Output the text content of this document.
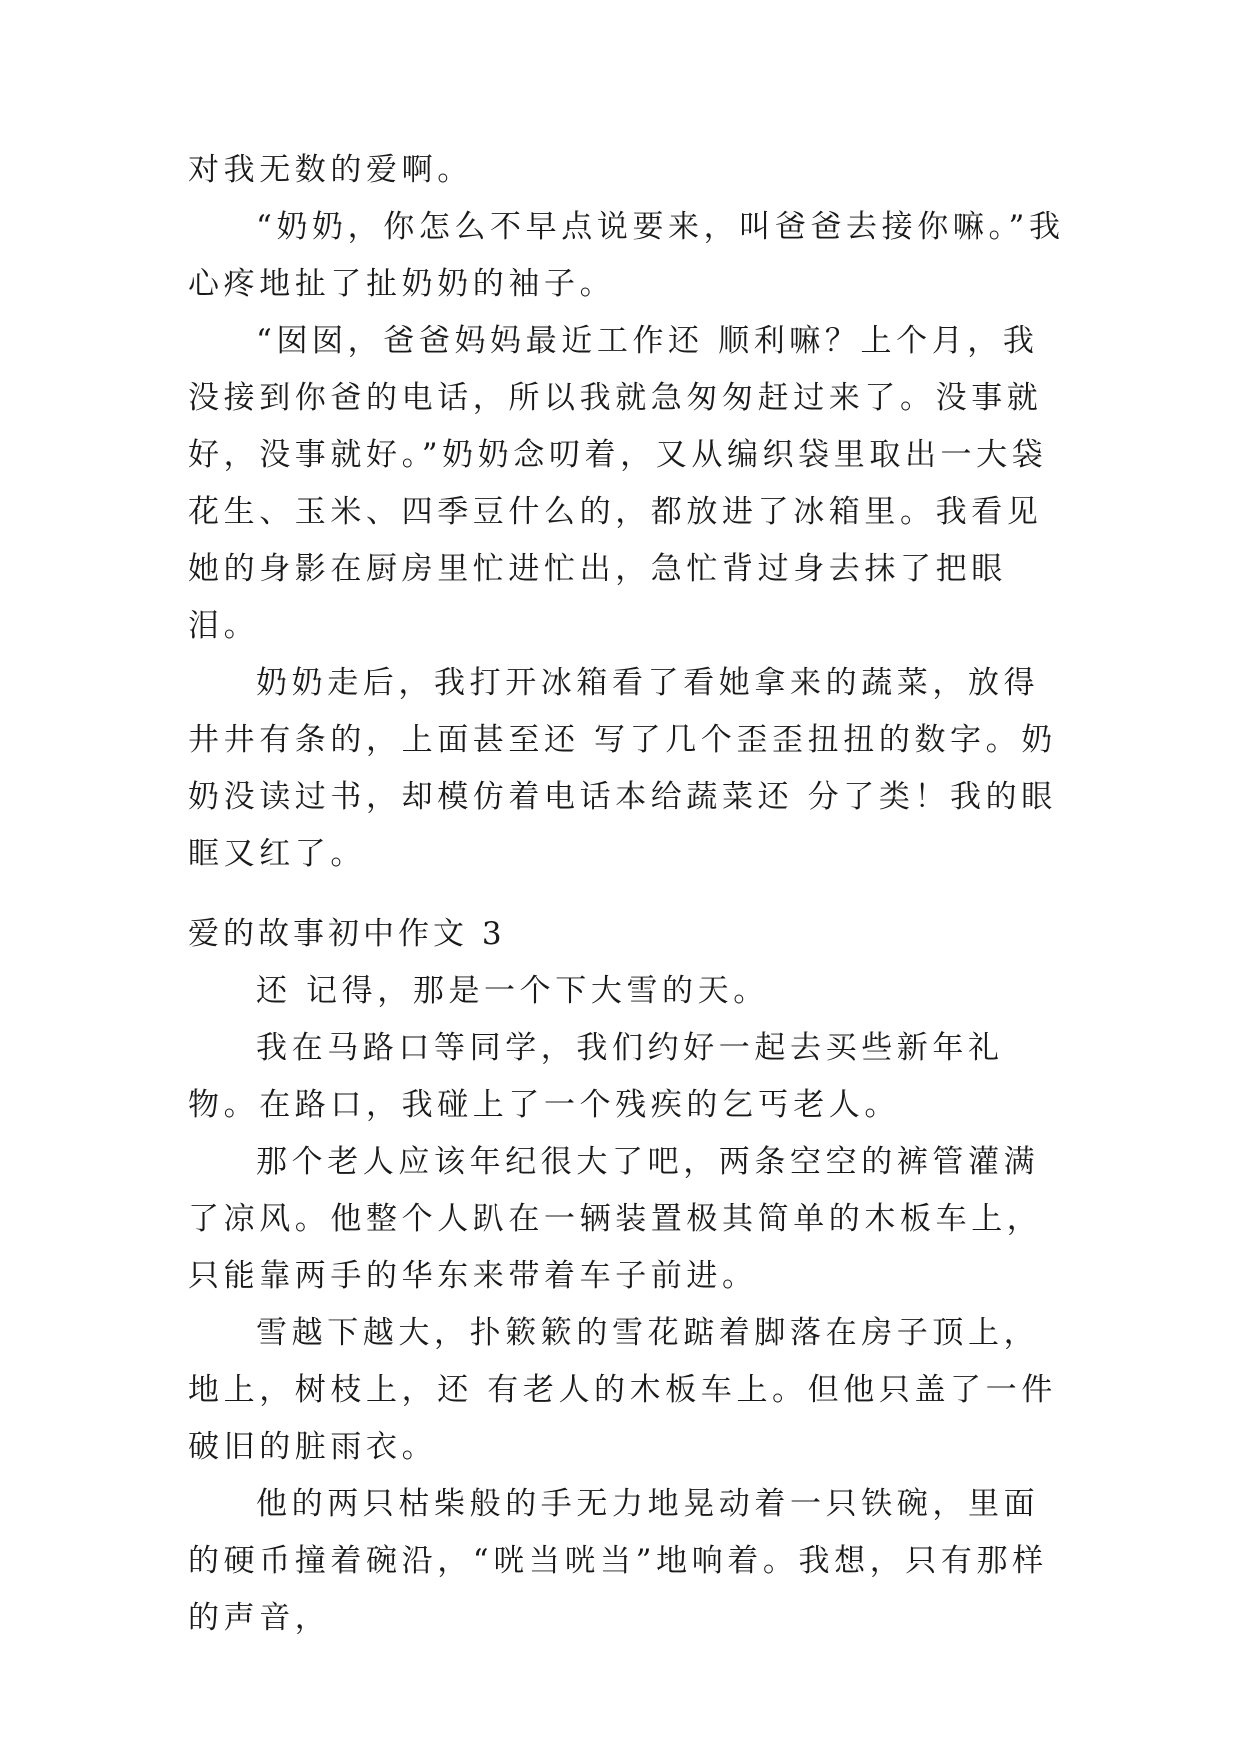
对我无数的爱啊。

“奶奶，你怎么不早点说要来，叫爸爸去接你嘛。”我心疼地扯了扯奶奶的袖子。

“囡囡，爸爸妈妈最近工作还 顺利嘛？上个月，我没接到你爸的电话，所以我就急匆匆赶过来了。没事就好，没事就好。”奶奶念叨着，又从编织袋里取出一大袋花生、玉米、四季豆什么的，都放进了冰箱里。我看见她的身影在厨房里忙进忙出，急忙背过身去抹了把眼泪。

奶奶走后，我打开冰箱看了看她拿来的蔬菜，放得井井有条的，上面甚至还 写了几个歪歪扭扭的数字。奶奶没读过书，却模仿着电话本给蔬菜还 分了类！我的眼眶又红了。

爱的故事初中作文 3

还 记得，那是一个下大雪的天。

我在马路口等同学，我们约好一起去买些新年礼物。在路口，我碰上了一个残疾的乞丐老人。

那个老人应该年纪很大了吧，两条空空的裤管灌满了凉风。他整个人趴在一辆装置极其简单的木板车上，只能靠两手的华东来带着车子前进。

雪越下越大，扑簌簌的雪花踮着脚落在房子顶上，地上，树枝上，还 有老人的木板车上。但他只盖了一件破旧的脏雨衣。

他的两只枯柴般的手无力地晃动着一只铁碗，里面的硬币撞着碗沿，“咣当咣当”地响着。我想，只有那样的声音，
